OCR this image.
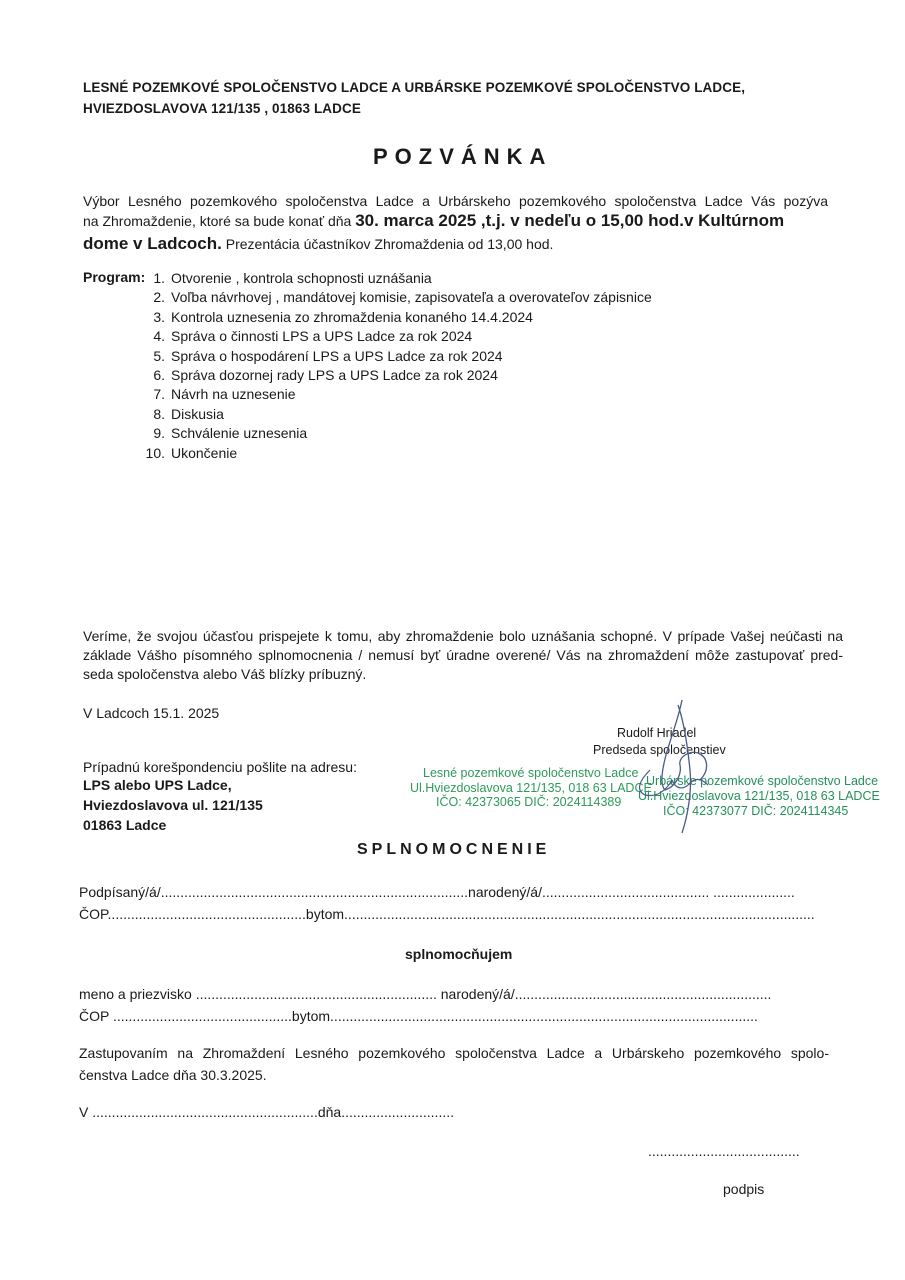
LESNÉ POZEMKOVÉ SPOLOČENSTVO LADCE A URBÁRSKE POZEMKOVÉ SPOLOČENSTVO LADCE,
HVIEZDOSLAVOVA 121/135 , 01863 LADCE
POZVÁNKA
Výbor Lesného pozemkového spoločenstva Ladce a Urbárskeho pozemkového spoločenstva Ladce Vás pozýva
na Zhromaždenie, ktoré sa bude konať dňa 30. marca 2025 ,t.j. v nedeľu o 15,00 hod.v Kultúrnom
dome v Ladcoch. Prezentácia účastníkov Zhromaždenia od 13,00 hod.
Program: 1. Otvorenie , kontrola schopnosti uznášania
2. Voľba návrhovej , mandátovej komisie, zapisovateľa a overovateľov zápisnice
3. Kontrola uznesenia zo zhromaždenia konaného 14.4.2024
4. Správa o činnosti LPS a UPS Ladce za rok 2024
5. Správa o hospodárení LPS a UPS Ladce za rok 2024
6. Správa dozornej rady LPS a UPS Ladce za rok 2024
7. Návrh na uznesenie
8. Diskusia
9. Schválenie uznesenia
10. Ukončenie
Veríme, že svojou účasťou prispejete k tomu, aby zhromaždenie bolo uznášania schopné. V prípade Vašej neúčasti na
základe Vášho písomného splnomocnenia / nemusí byť úradne overené/ Vás na zhromaždení môže zastupovať pred-
seda spoločenstva alebo Váš blízky príbuzný.
V Ladcoch 15.1. 2025
Rudolf Hriadel
Predseda spoločenstiev
Prípadnú korešpondenciu pošlite na adresu:
LPS alebo UPS Ladce,
Hviezdoslavova ul. 121/135
01863 Ladce
Lesné pozemkové spoločenstvo Ladce
Ul.Hviezdoslavova 121/135, 018 63 LADCE
IČO: 42373065 DIČ: 2024114389
Urbárske pozemkové spoločenstvo Ladce
Ul.Hviezdoslavova 121/135, 018 63 LADCE
IČO: 42373077 DIČ: 2024114345
SPLNOMOCNENIE
Podpísaný/á/...............................................................................narodený/á/........................................... .....................
ČOP...................................................bytom.........................................................................................................................
splnomocňujem
meno a priezvisko .............................................................. narodený/á/..................................................................
ČOP ..............................................bytom..............................................................................................................
Zastupovaním na Zhromaždení Lesného pozemkového spoločenstva Ladce a Urbárskeho pozemkového spolo-
čenstva Ladce dňa 30.3.2025.
V ..........................................................dňa.............................
.......................................
podpis
